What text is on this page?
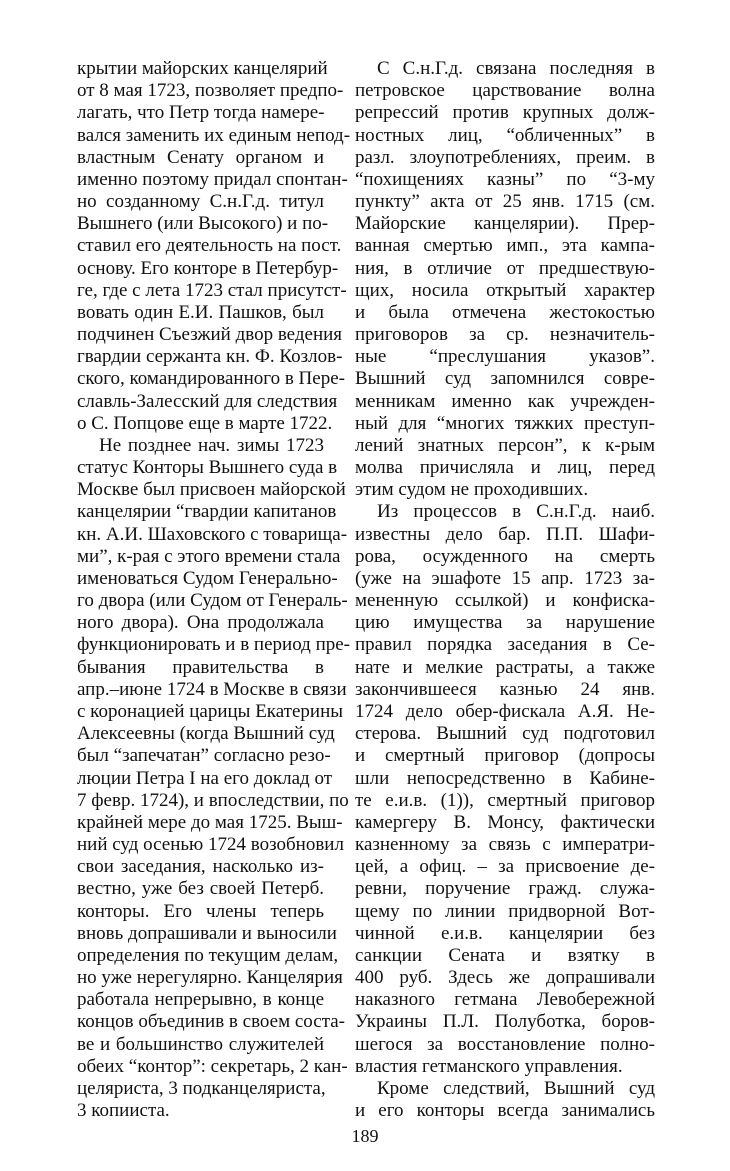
крытии майорских канцелярий
от 8 мая 1723, позволяет предпо-
лагать, что Петр тогда намере-
вался заменить их единым непод-
властным Сенату органом и
именно поэтому придал спонтан-
но созданному С.н.Г.д. титул
Вышнего (или Высокого) и по-
ставил его деятельность на пост.
основу. Его конторе в Петербур-
ге, где с лета 1723 стал присутст-
вовать один Е.И. Пашков, был
подчинен Съезжий двор ведения
гвардии сержанта кн. Ф. Козлов-
ского, командированного в Пере-
славль-Залесский для следствия
о С. Попцове еще в марте 1722.
Не позднее нач. зимы 1723
статус Конторы Вышнего суда в
Москве был присвоен майорской
канцелярии “гвардии капитанов
кн. А.И. Шаховского с товарища-
ми”, к-рая с этого времени стала
именоваться Судом Генерально-
го двора (или Судом от Генераль-
ного двора). Она продолжала
функционировать и в период пре-
бывания правительства в
апр.–июне 1724 в Москве в связи
с коронацией царицы Екатерины
Алексеевны (когда Вышний суд
был “запечатан” согласно резо-
люции Петра I на его доклад от
7 февр. 1724), и впоследствии, по
крайней мере до мая 1725. Выш-
ний суд осенью 1724 возобновил
свои заседания, насколько из-
вестно, уже без своей Петерб.
конторы. Его члены теперь
вновь допрашивали и выносили
определения по текущим делам,
но уже нерегулярно. Канцелярия
работала непрерывно, в конце
концов объединив в своем соста-
ве и большинство служителей
обеих “контор”: секретарь, 2 кан-
целяриста, 3 подканцеляриста,
3 копииста.
С С.н.Г.д. связана последняя в
петровское царствование волна
репрессий против крупных долж-
ностных лиц, “обличенных” в
разл. злоупотреблениях, преим. в
“похищениях казны” по “3-му
пункту” акта от 25 янв. 1715 (см.
Майорские канцелярии). Прер-
ванная смертью имп., эта кампа-
ния, в отличие от предшествую-
щих, носила открытый характер
и была отмечена жестокостью
приговоров за ср. незначитель-
ные “преслушания указов”.
Вышний суд запомнился совре-
менникам именно как учрежден-
ный для “многих тяжких преступ-
лений знатных персон”, к к-рым
молва причисляла и лиц, перед
этим судом не проходивших.
Из процессов в С.н.Г.д. наиб.
известны дело бар. П.П. Шафи-
рова, осужденного на смерть
(уже на эшафоте 15 апр. 1723 за-
мененную ссылкой) и конфиска-
цию имущества за нарушение
правил порядка заседания в Се-
нате и мелкие растраты, а также
закончившееся казнью 24 янв.
1724 дело обер-фискала А.Я. Не-
стерова. Вышний суд подготовил
и смертный приговор (допросы
шли непосредственно в Кабине-
те е.и.в. (1)), смертный приговор
камергеру В. Монсу, фактически
казненному за связь с императри-
цей, а офиц. – за присвоение де-
ревни, поручение гражд. служа-
щему по линии придворной Вот-
чинной е.и.в. канцелярии без
санкции Сената и взятку в
400 руб. Здесь же допрашивали
наказного гетмана Левобережной
Украины П.Л. Полуботка, боров-
шегося за восстановление полно-
властия гетманского управления.
Кроме следствий, Вышний суд
и его конторы всегда занимались
189
